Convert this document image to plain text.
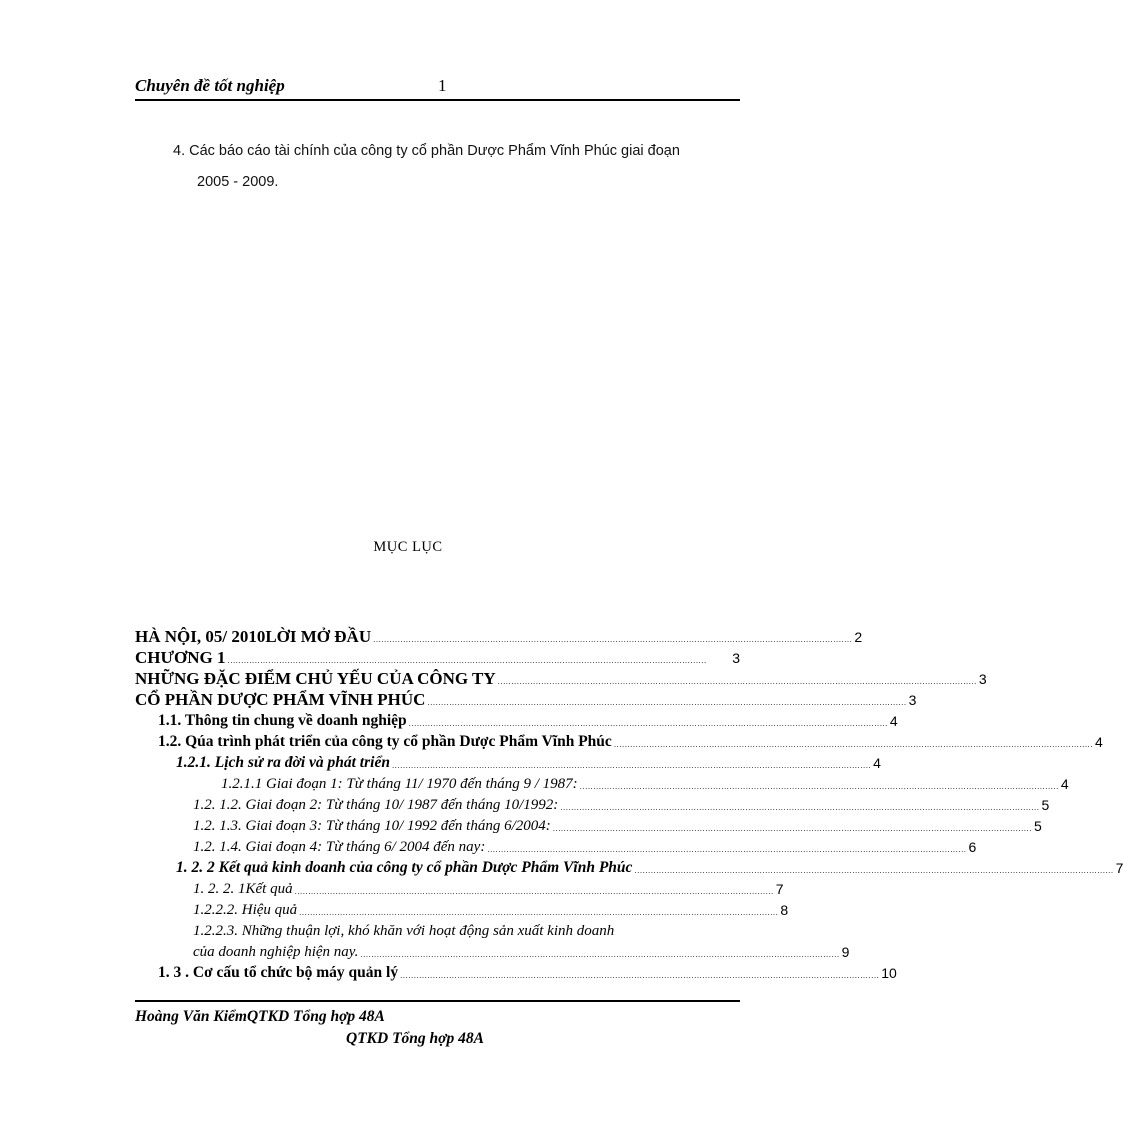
Chuyên đề tốt nghiệp	1
4. Các báo cáo tài chính của công ty cổ phần Dược Phẩm Vĩnh Phúc giai đoạn
2005 - 2009.
MỤC LỤC
HÀ NỘI, 05/ 2010LỜI MỞ ĐẦU ................................................................................................................................................................................ 2
CHƯƠNG 1 ................................................................................................................................................................................	3
NHỮNG ĐẶC ĐIỂM CHỦ YẾU CỦA CÔNG TY ................................................................................................................................................................................ 3
CỔ PHẦN DƯỢC PHẨM VĨNH PHÚC ................................................................................................................................................................................ 3
1.1. Thông tin chung về doanh nghiệp ................................................................................................................................................................................ 4
1.2. Qúa trình phát triển của công ty cổ phần Dược Phẩm Vĩnh Phúc ................................................................................................................................................................................ 4
1.2.1. Lịch sử ra đời và phát triển ................................................................................................................................................................................ 4
1.2.1.1 Giai đoạn 1: Từ tháng 11/ 1970 đến tháng 9 / 1987: ................................................................................................................................................................................ 4
1.2. 1.2. Giai đoạn 2: Từ tháng 10/ 1987 đến tháng 10/1992: ................................................................................................................................................................................ 5
1.2. 1.3. Giai đoạn 3: Từ tháng 10/ 1992 đến tháng 6/2004: ................................................................................................................................................................................ 5
1.2. 1.4. Giai đoạn 4: Từ tháng 6/ 2004 đến nay: ................................................................................................................................................................................ 6
1. 2. 2 Kết quả kinh doanh của công ty cổ phần Dược Phẩm Vĩnh Phúc ................................................................................................................................................................................ 7
1. 2. 2. 1Kết quả ................................................................................................................................................................................ 7
1.2.2.2. Hiệu quả ................................................................................................................................................................................ 8
1.2.2.3. Những thuận lợi, khó khăn với hoạt động sản xuất kinh doanh
của doanh nghiệp hiện nay. ................................................................................................................................................................................ 9
1. 3 . Cơ cấu tổ chức bộ máy quản lý ................................................................................................................................................................................ 10
Hoàng Văn KiểmQTKD Tổng hợp 48A
QTKD Tổng hợp 48A
